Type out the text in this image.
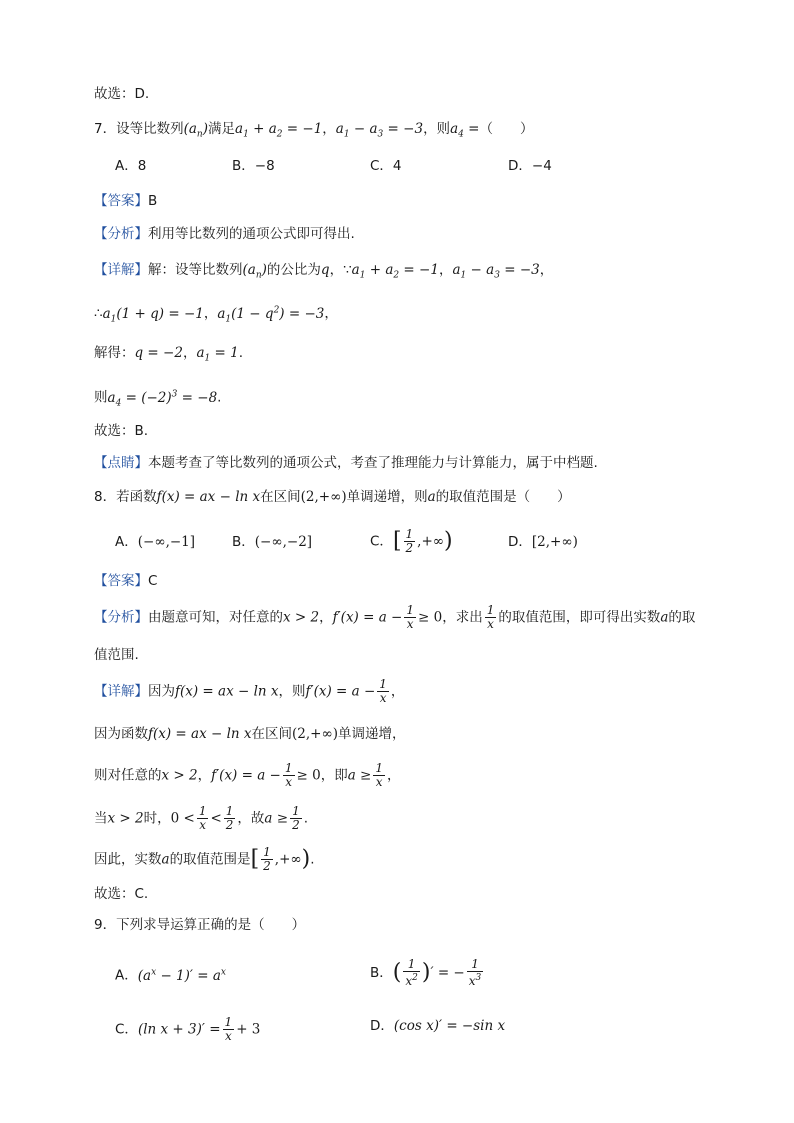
故选：D.
7．设等比数列$(a_n)$满足$a_1 + a_2 = -1$，$a_1 - a_3 = -3$，则$a_4$ =（　　）
A．8	B．−8	C．4	D．−4
【答案】B
【分析】利用等比数列的通项公式即可得出.
【详解】解：设等比数列$(a_n)$的公比为q，$\because a_1 + a_2 = -1$，$a_1 - a_3 = -3$，
$\therefore a_1(1 + q) = -1$，$a_1(1 - q^2) = -3$，
解得：q = −2，$a_1 = 1$.
则$a_4 = (-2)^3 = -8$.
故选：B.
【点睛】本题考查了等比数列的通项公式，考查了推理能力与计算能力，属于中档题.
8．若函数f(x) = ax − ln x在区间(2,+∞)单调递增，则a的取值范围是（　　）
A．(−∞,−1]	B．(−∞,−2]	C．[ $\frac{1}{2}$ ,+∞)	D．[2,+∞)
【答案】C
【分析】由题意可知，对任意的x > 2，$f'(x) = a - \frac{1}{x} \ge 0$，求出 $\frac{1}{x}$ 的取值范围，即可得出实数a的取
值范围.
【详解】因为f(x) = ax − ln x，则$f'(x) = a - \frac{1}{x}$ ，
因为函数f(x) = ax − ln x在区间(2,+∞)单调递增，
则对任意的x > 2，$f'(x) = a - \frac{1}{x} \ge 0$，即$a \ge \frac{1}{x}$ ，
当x > 2时，$0 < \frac{1}{x} < \frac{1}{2}$ ，故$a \ge \frac{1}{2}$ .
因此，实数a的取值范围是[ $\frac{1}{2}$ ,+∞).
故选：C.
9．下列求导运算正确的是（　　）
A．$(a^x - 1)' = a^x$	B．( $\frac{1}{x^2}$ )′ = − $\frac{1}{x^3}$
C．(ln $x + 3)' = \frac{1}{x} + 3$	D．(cos x)′ = −sin x
